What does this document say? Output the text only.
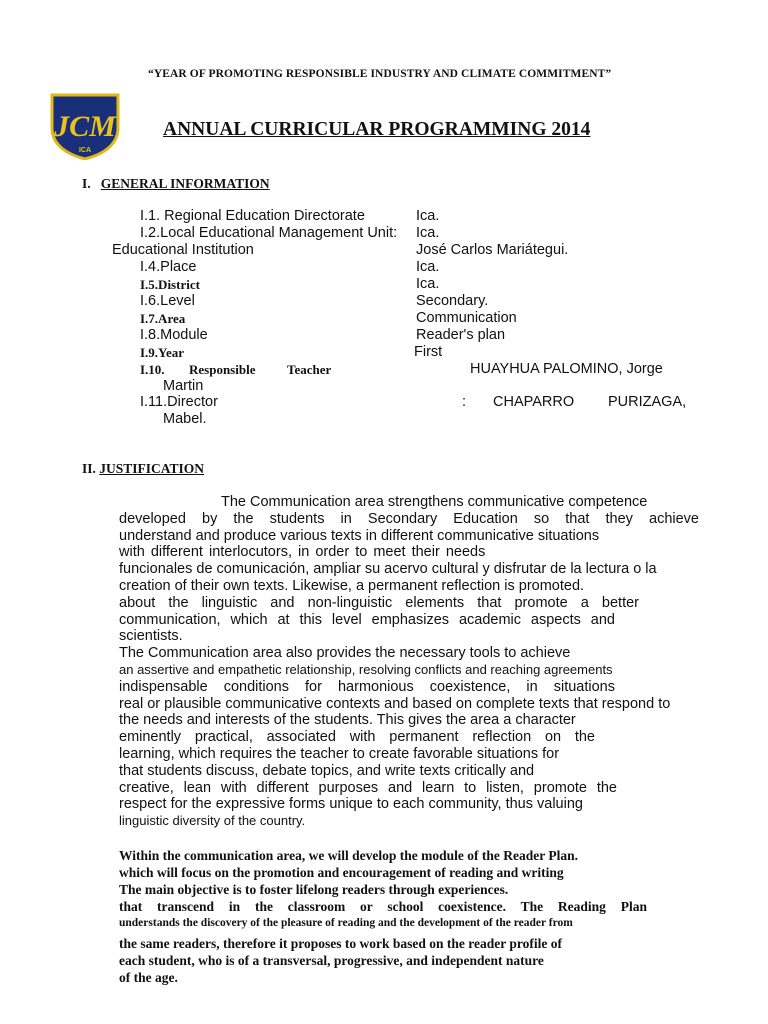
“YEAR OF PROMOTING RESPONSIBLE INDUSTRY AND CLIMATE COMMITMENT”
JCM
ICA
ANNUAL CURRICULAR PROGRAMMING 2014
I. GENERAL INFORMATION
I.1. Regional Education Directorate	Ica.
I.2.Local Educational Management Unit: Ica.
Educational Institution	José Carlos Mariátegui.
I.4.Place	Ica.
I.5.District	Ica.
I.6.Level	Secondary.
I.7.Area	Communication
I.8.Module	Reader's plan
I.9.Year	First
I.10. Responsible Teacher	HUAYHUA PALOMINO, Jorge
Martin
I.11.Director	: CHAPARRO PURIZAGA,
Mabel.
II. JUSTIFICATION
The Communication area strengthens communicative competence
developed by the students in Secondary Education so that they achieve
understand and produce various texts in different communicative situations
with different interlocutors, in order to meet their needs
funcionales de comunicación, ampliar su acervo cultural y disfrutar de la lectura o la
creation of their own texts. Likewise, a permanent reflection is promoted.
about the linguistic and non-linguistic elements that promote a better
communication, which at this level emphasizes academic aspects and
scientists.
The Communication area also provides the necessary tools to achieve
an assertive and empathetic relationship, resolving conflicts and reaching agreements
indispensable conditions for harmonious coexistence, in situations
real or plausible communicative contexts and based on complete texts that respond to
the needs and interests of the students. This gives the area a character
eminently practical, associated with permanent reflection on the
learning, which requires the teacher to create favorable situations for
that students discuss, debate topics, and write texts critically and
creative, lean with different purposes and learn to listen, promote the
respect for the expressive forms unique to each community, thus valuing
linguistic diversity of the country.
Within the communication area, we will develop the module of the Reader Plan.
which will focus on the promotion and encouragement of reading and writing
The main objective is to foster lifelong readers through experiences.
that transcend in the classroom or school coexistence. The Reading Plan
understands the discovery of the pleasure of reading and the development of the reader from
the same readers, therefore it proposes to work based on the reader profile of
each student, who is of a transversal, progressive, and independent nature
of the age.
